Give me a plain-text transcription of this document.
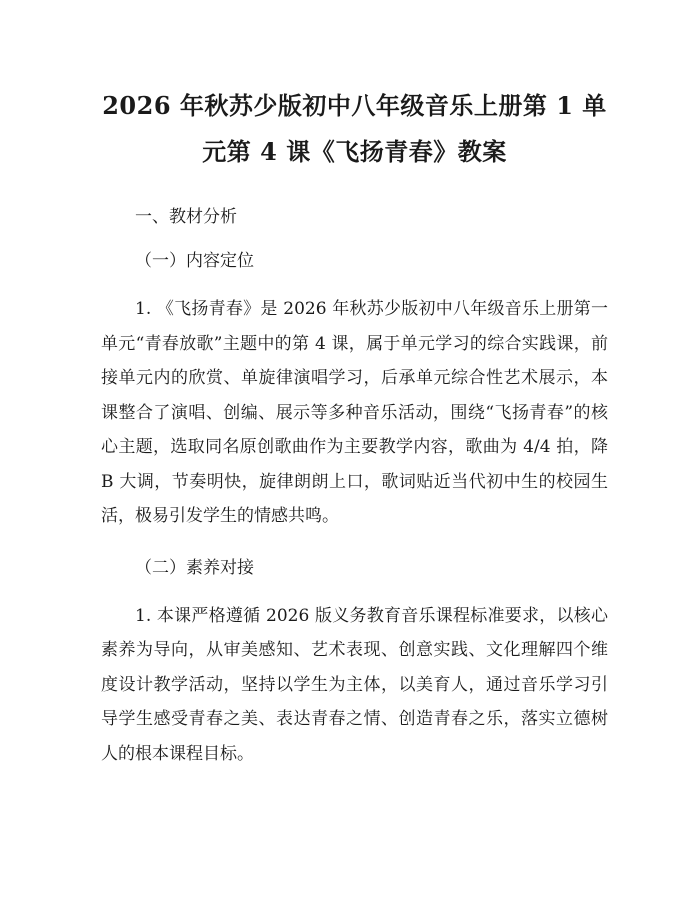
2026 年秋苏少版初中八年级音乐上册第 1 单
元第 4 课《飞扬青春》教案
一、教材分析
（一）内容定位

1. 《飞扬青春》是 2026 年秋苏少版初中八年级音乐上册第一单元“青春放歌”主题中的第 4 课，属于单元学习的综合实践课，前接单元内的欣赏、单旋律演唱学习，后承单元综合性艺术展示，本课整合了演唱、创编、展示等多种音乐活动，围绕“飞扬青春”的核心主题，选取同名原创歌曲作为主要教学内容，歌曲为 4/4 拍，降 B 大调，节奏明快，旋律朗朗上口，歌词贴近当代初中生的校园生活，极易引发学生的情感共鸣。

（二）素养对接

1. 本课严格遵循 2026 版义务教育音乐课程标准要求，以核心素养为导向，从审美感知、艺术表现、创意实践、文化理解四个维度设计教学活动，坚持以学生为主体，以美育人，通过音乐学习引导学生感受青春之美、表达青春之情、创造青春之乐，落实立德树人的根本课程目标。
